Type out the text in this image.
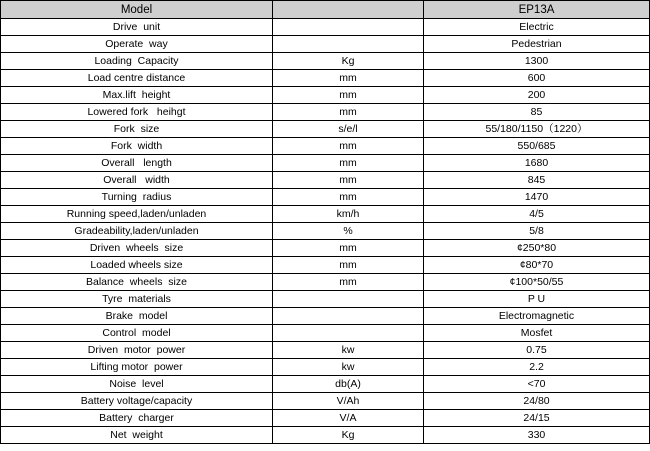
Model		EP13A
Drive  unit		Electric
Operate  way		Pedestrian
Loading  Capacity	Kg	1300
Load centre distance	mm	600
Max.lift  height	mm	200
Lowered fork   heihgt	mm	85
Fork  size	s/e/l	55/180/1150（1220）
Fork  width	mm	550/685
Overall   length	mm	1680
Overall   width	mm	845
Turning  radius	mm	1470
Running speed,laden/unladen	km/h	4/5
Gradeability,laden/unladen	%	5/8
Driven  wheels  size	mm	¢250*80
Loaded wheels size	mm	¢80*70
Balance  wheels  size	mm	¢100*50/55
Tyre  materials		P U
Brake  model		Electromagnetic
Control  model		Mosfet
Driven  motor  power	kw	0.75
Lifting motor  power	kw	2.2
Noise  level	db(A)	<70
Battery voltage/capacity	V/Ah	24/80
Battery  charger	V/A	24/15
Net  weight	Kg	330
